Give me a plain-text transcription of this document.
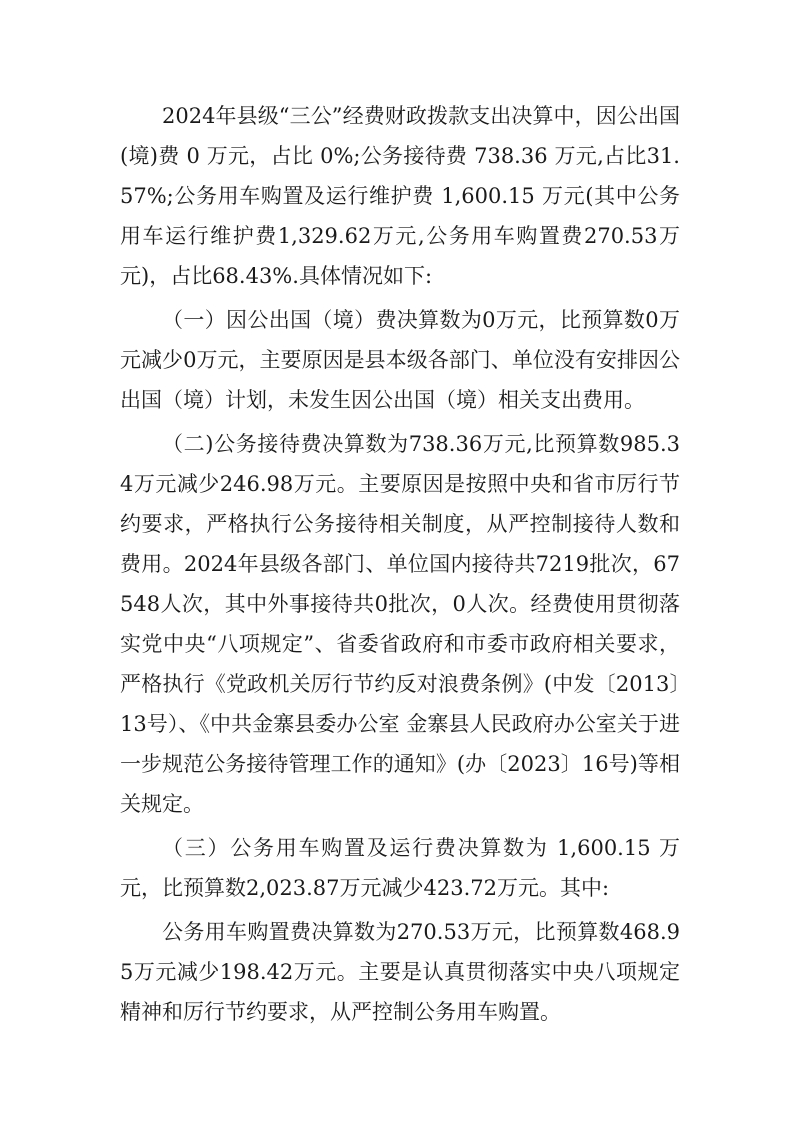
2024年县级“三公”经费财政拨款支出决算中，因公出国(境)费 0 万元，占比 0%;公务接待费 738.36 万元,占比31.57%;公务用车购置及运行维护费 1,600.15 万元(其中公务用车运行维护费1,329.62万元,公务用车购置费270.53万元)，占比68.43%.具体情况如下:

（一）因公出国（境）费决算数为0万元，比预算数0万元减少0万元，主要原因是县本级各部门、单位没有安排因公出国（境）计划，未发生因公出国（境）相关支出费用。

（二)公务接待费决算数为738.36万元,比预算数985.34万元减少246.98万元。主要原因是按照中央和省市厉行节约要求，严格执行公务接待相关制度，从严控制接待人数和费用。2024年县级各部门、单位国内接待共7219批次，67548人次，其中外事接待共0批次，0人次。经费使用贯彻落实党中央“八项规定”、省委省政府和市委市政府相关要求，严格执行《党政机关厉行节约反对浪费条例》(中发〔2013〕13号）、《中共金寨县委办公室 金寨县人民政府办公室关于进一步规范公务接待管理工作的通知》(办〔2023〕16号)等相关规定。

（三）公务用车购置及运行费决算数为 1,600.15 万元，比预算数2,023.87万元减少423.72万元。其中:

公务用车购置费决算数为270.53万元，比预算数468.95万元减少198.42万元。主要是认真贯彻落实中央八项规定精神和厉行节约要求，从严控制公务用车购置。
